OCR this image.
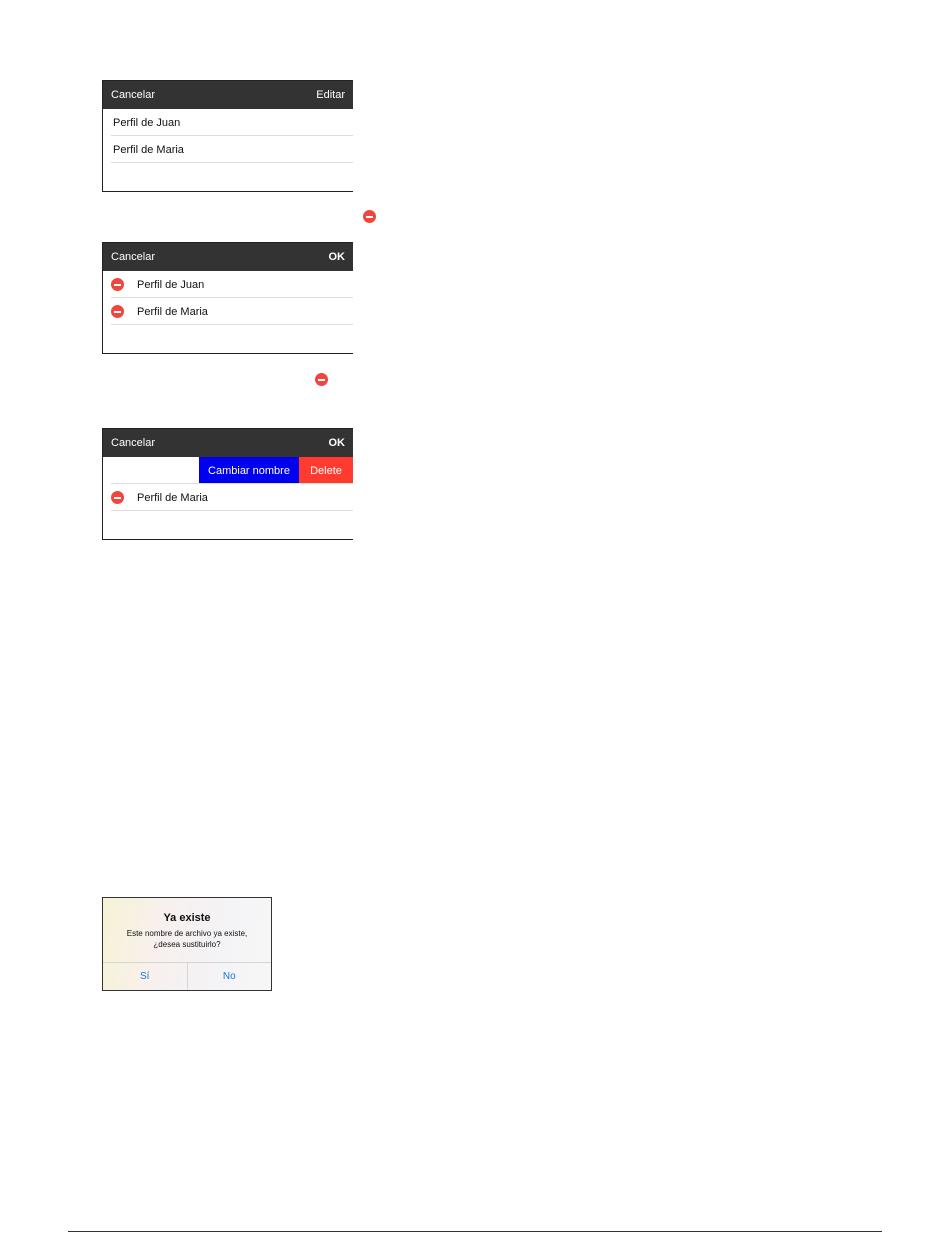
Cancelar	Editar
Perfil de Juan
Perfil de Maria
Cancelar	OK
Perfil de Juan
Perfil de Maria
Cancelar	OK
Cambiar nombre	Delete
Perfil de Maria
Ya existe
Este nombre de archivo ya existe,
¿desea sustituirlo?
Sí	No
